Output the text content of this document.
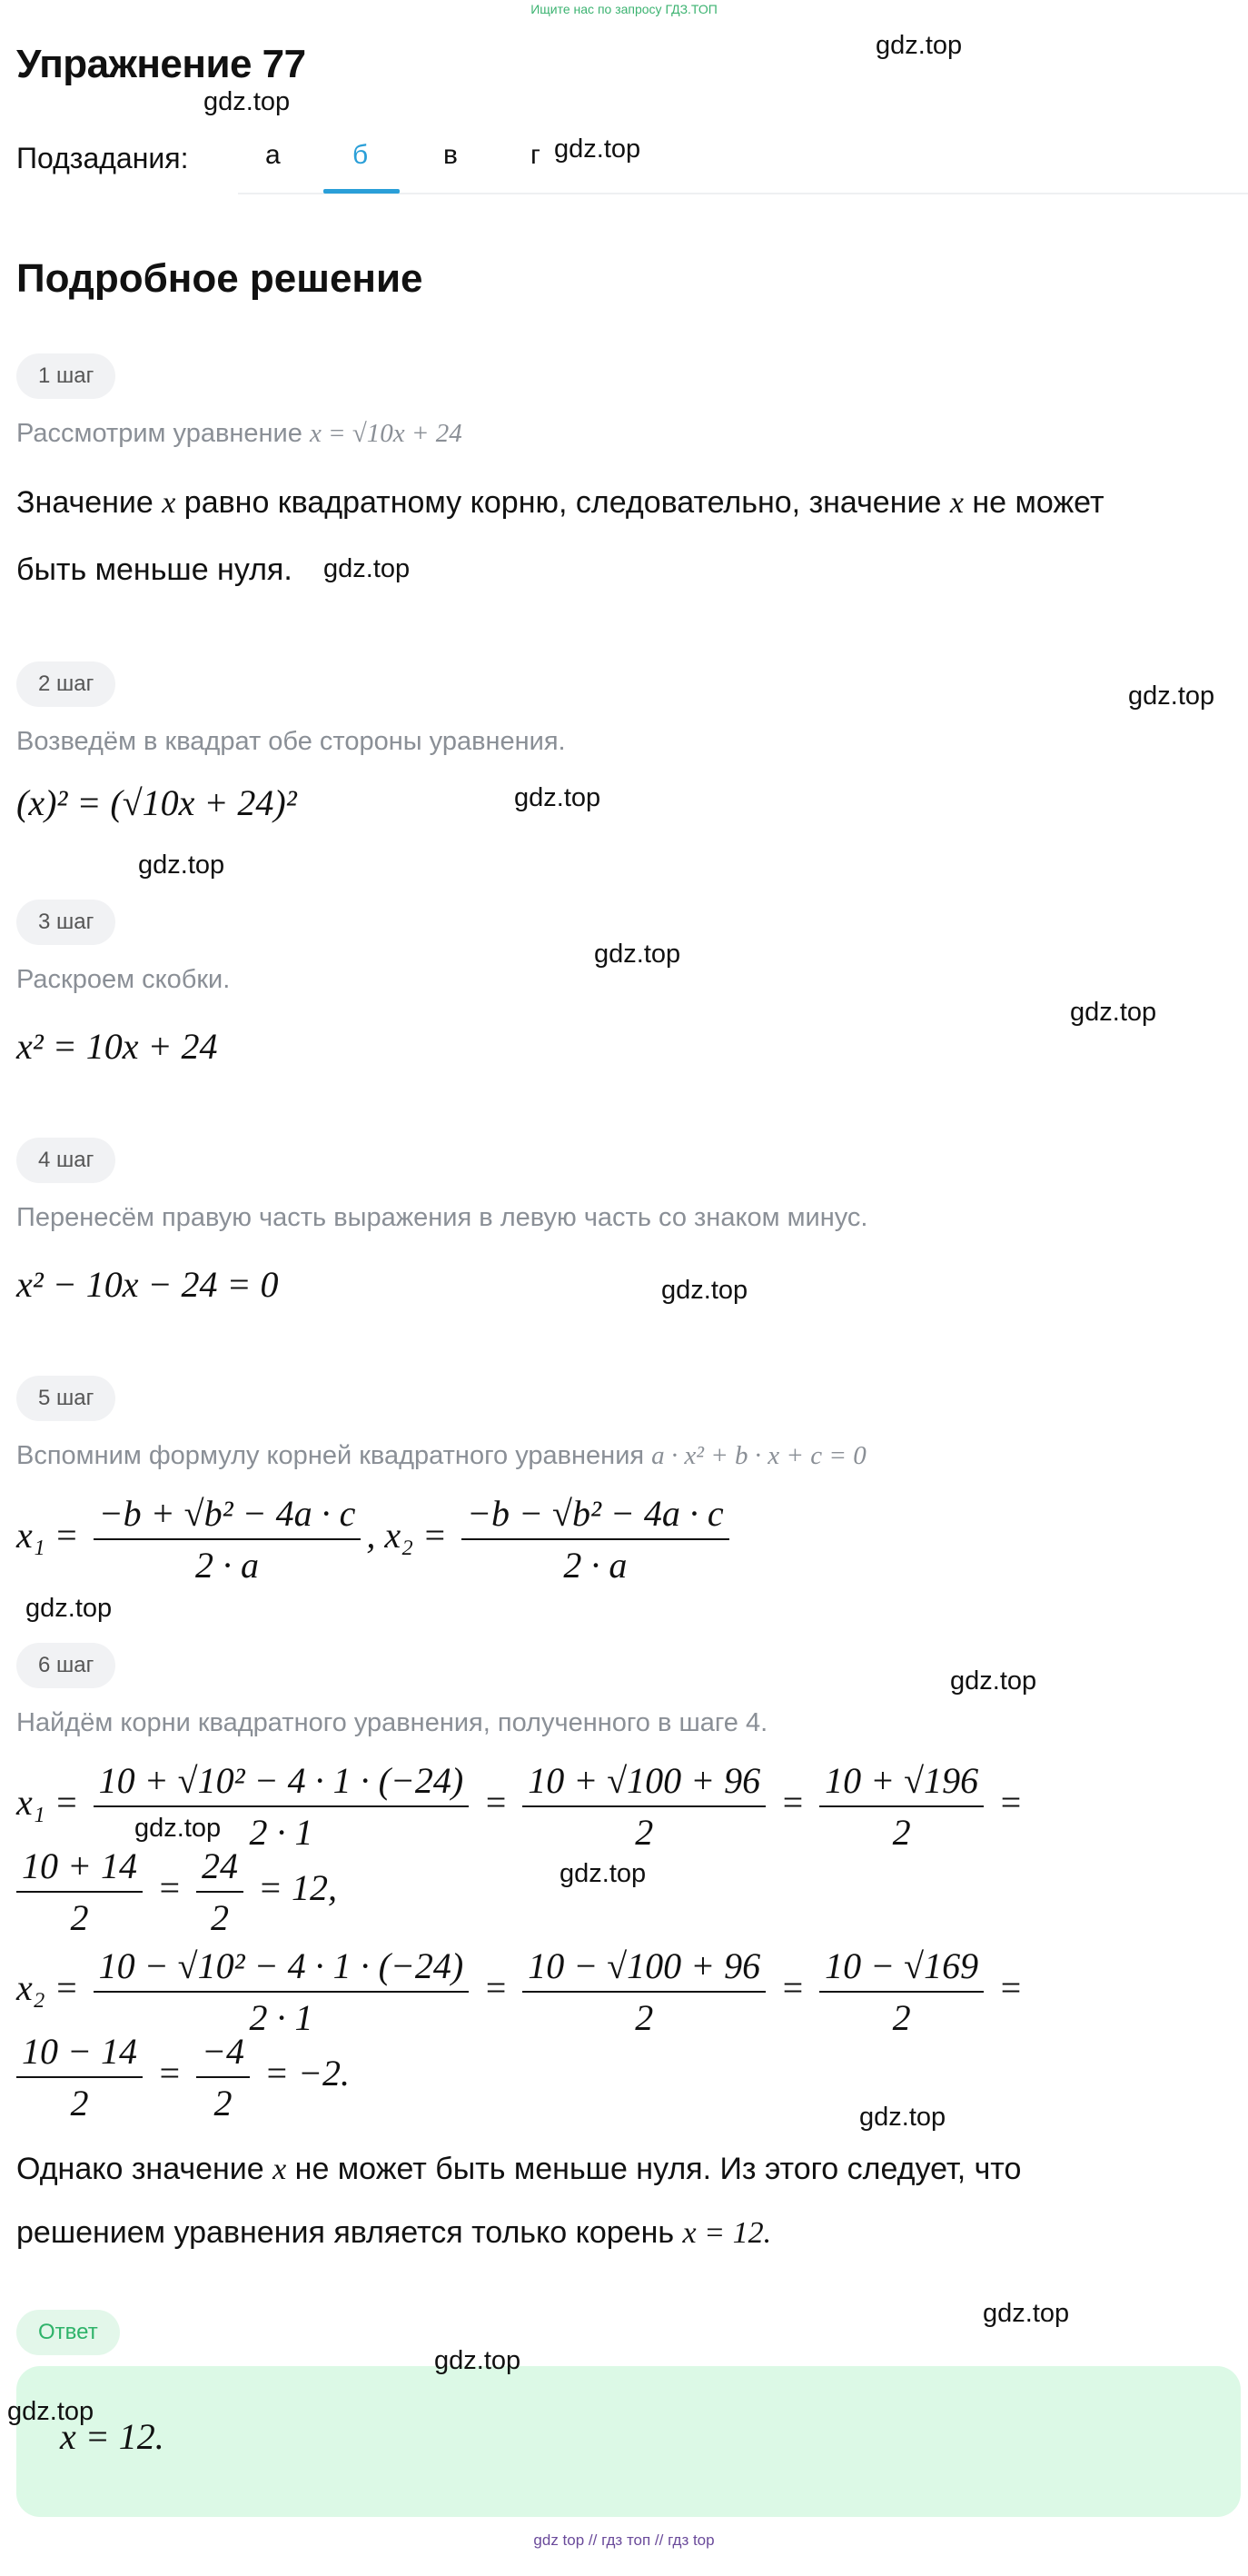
Ищите нас по запросу ГДЗ.ТОП
Упражнение 77
Подзадания:	а	б	в	г
Подробное решение
1 шаг
Рассмотрим уравнение x = √10x + 24
Значение x равно квадратному корню, следовательно, значение x не может
быть меньше нуля.
2 шаг
Возведём в квадрат обе стороны уравнения.
(x)² = (√10x + 24)²
3 шаг
Раскроем скобки.
x² = 10x + 24
4 шаг
Перенесём правую часть выражения в левую часть со знаком минус.
x² − 10x − 24 = 0
5 шаг
Вспомним формулу корней квадратного уравнения a · x² + b · x + c = 0
$x_1 = \frac{\text{−b + √b² − 4a · c}}{2 \cdot a}$ , $x_2 = \frac{\text{−b − √b² − 4a · c}}{2 \cdot a}$
6 шаг
Найдём корни квадратного уравнения, полученного в шаге 4.
$x_1 = \frac{\text{10 + √10² − 4 · 1 · (−24)}}{2 \cdot 1} = \frac{10 + √100 + 96}{2} = \frac{10 + √196}{2}$ =
$\frac{10 + 14}{2} = \frac{24}{2} = 12$,
$x_2 = \frac{\text{10 − √10² − 4 · 1 · (−24)}}{2 \cdot 1} = \frac{10 - √100 + 96}{2} = \frac{10 - √169}{2}$ =
$\frac{10 - 14}{2} = \frac{-4}{2} = -2$.
Однако значение x не может быть меньше нуля. Из этого следует, что
решением уравнения является только корень x = 12.
Ответ
x = 12.
gdz.top
gdz.top
gdz.top
gdz.top
gdz.top
gdz.top
gdz.top
gdz.top
gdz.top
gdz.top
gdz.top
gdz.top
gdz.top
gdz.top
gdz.top
gdz.top
gdz.top
gdz.top
gdz top // гдз топ // гдз top
